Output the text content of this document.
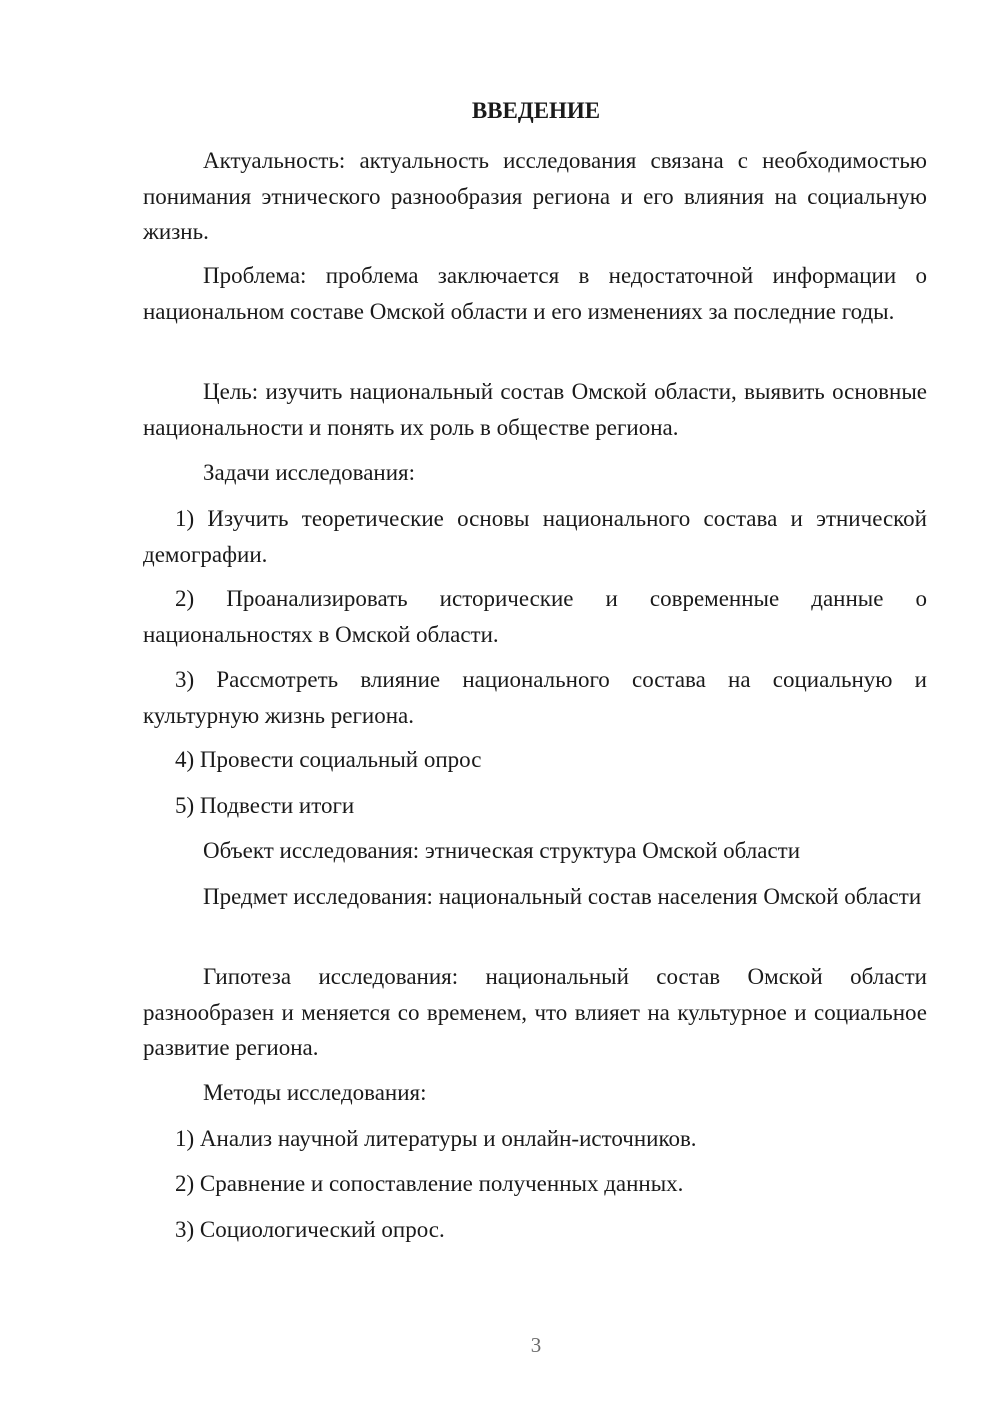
ВВЕДЕНИЕ

Актуальность: актуальность исследования связана с необходимостью понимания этнического разнообразия региона и его влияния на социальную жизнь.

Проблема: проблема заключается в недостаточной информации о национальном составе Омской области и его изменениях за последние годы.

Цель: изучить национальный состав Омской области, выявить основные национальности и понять их роль в обществе региона.

Задачи исследования:

1) Изучить теоретические основы национального состава и этнической демографии.

2) Проанализировать исторические и современные данные о национальностях в Омской области.

3) Рассмотреть влияние национального состава на социальную и культурную жизнь региона.

4) Провести социальный опрос

5) Подвести итоги

Объект исследования: этническая структура Омской области

Предмет исследования: национальный состав населения Омской области

Гипотеза исследования: национальный состав Омской области разнообразен и меняется со временем, что влияет на культурное и социальное развитие региона.

Методы исследования:

1) Анализ научной литературы и онлайн-источников.

2) Сравнение и сопоставление полученных данных.

3) Социологический опрос.

3
